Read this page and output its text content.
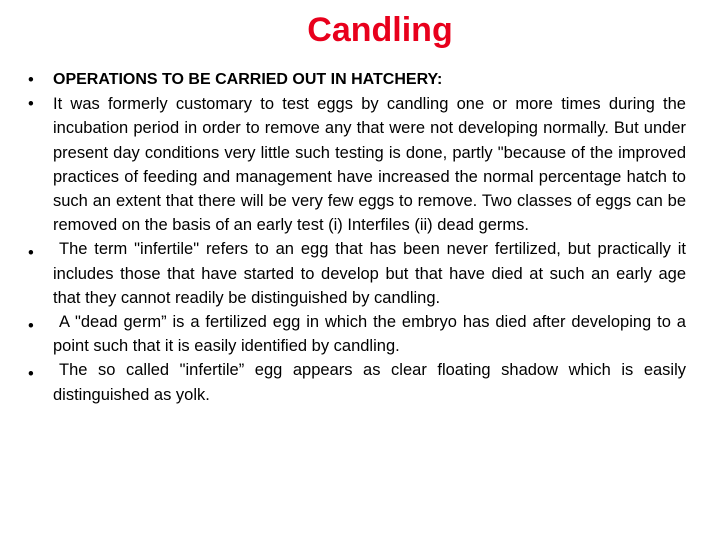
Candling
•	OPERATIONS TO BE CARRIED OUT IN HATCHERY:
•	It was formerly customary to test eggs by candling one or more times during the incubation period in order to remove any that were not developing normally. But under present day conditions very little such testing is done, partly "because of the improved practices of feeding and management have increased the normal percentage hatch to such an extent that there will be very few eggs to remove. Two classes of eggs can be removed on the basis of an early test (i) Interfiles (ii) dead germs.
•	The term "infertile" refers to an egg that has been never fertilized, but practically it includes those that have started to develop but that have died at such an early age that they cannot readily be distinguished by candling.
•	A "dead germ” is a fertilized egg in which the embryo has died after developing to a point such that it is easily identified by candling.
•	The so called "infertile” egg appears as clear floating shadow which is easily distinguished as yolk.
